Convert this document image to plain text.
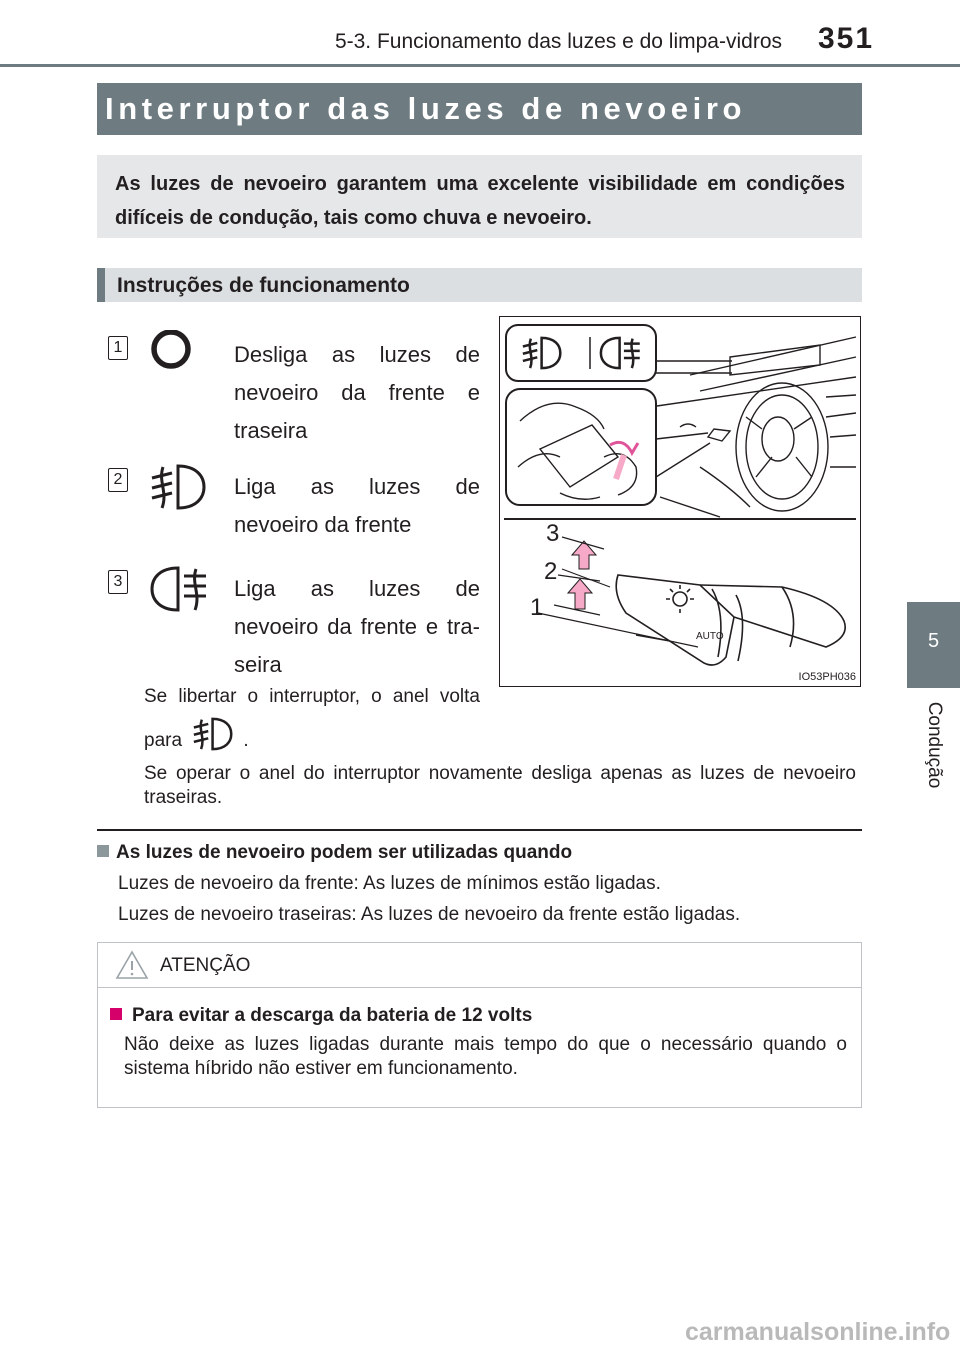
5-3. Funcionamento das luzes e do limpa-vidros 351
5
Condução
Interruptor das luzes de nevoeiro

As luzes de nevoeiro garantem uma excelente visibilidade em condições difíceis de condução, tais como chuva e nevoeiro.

Instruções de funcionamento
1	Desliga as luzes de nevoeiro da frente e traseira

2	Liga as luzes de nevoeiro da frente

3	Liga as luzes de nevoeiro da frente e tra-seira

Se libertar o interruptor, o anel volta para	.

Se operar o anel do interruptor novamente desliga apenas as luzes de nevoeiro traseiras.

AUTO
3
2
1
IO53PH036
As luzes de nevoeiro podem ser utilizadas quando
Luzes de nevoeiro da frente: As luzes de mínimos estão ligadas.
Luzes de nevoeiro traseiras: As luzes de nevoeiro da frente estão ligadas.
ATENÇÃO
Para evitar a descarga da bateria de 12 volts

Não deixe as luzes ligadas durante mais tempo do que o necessário quando o sistema híbrido não estiver em funcionamento.

carmanualsonline.info
